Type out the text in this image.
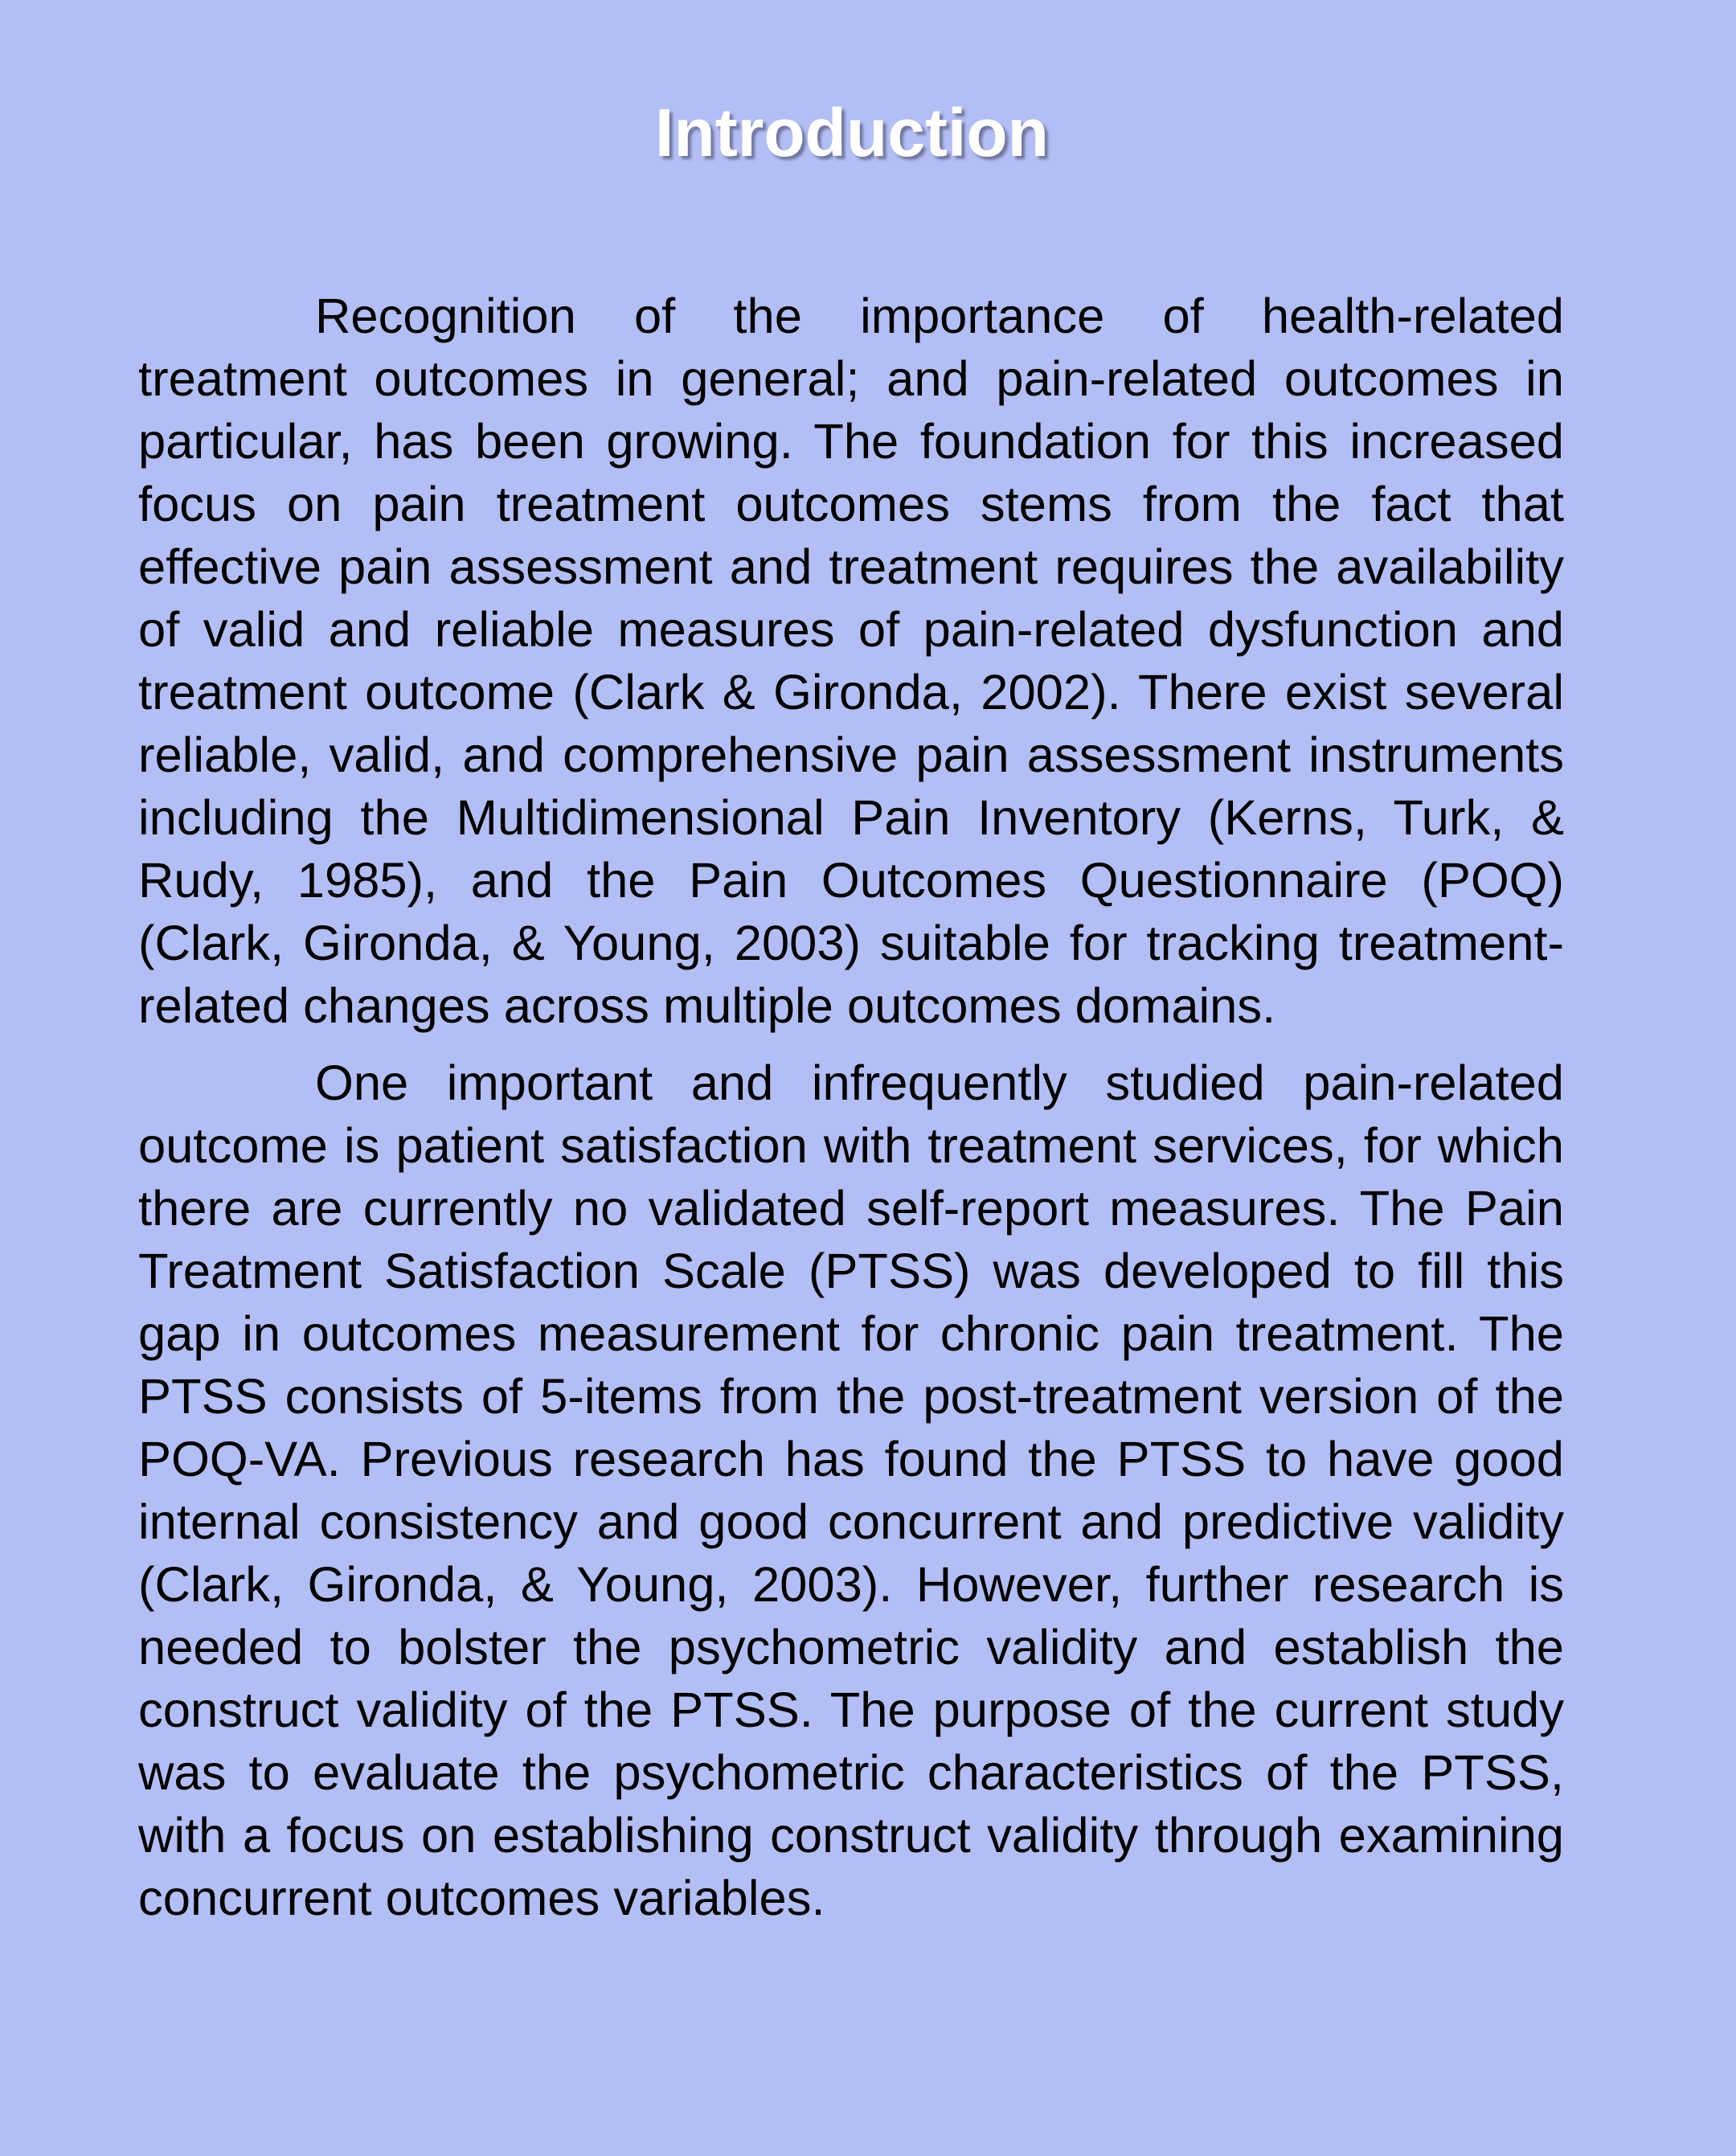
Introduction

Recognition of the importance of health-related treatment outcomes in general; and pain-related outcomes in particular, has been growing. The foundation for this increased focus on pain treatment outcomes stems from the fact that effective pain assessment and treatment requires the availability of valid and reliable measures of pain-related dysfunction and treatment outcome (Clark & Gironda, 2002). There exist several reliable, valid, and comprehensive pain assessment instruments including the Multidimensional Pain Inventory (Kerns, Turk, & Rudy, 1985), and the Pain Outcomes Questionnaire (POQ) (Clark, Gironda, & Young, 2003) suitable for tracking treatment-related changes across multiple outcomes domains.

One important and infrequently studied pain-related outcome is patient satisfaction with treatment services, for which there are currently no validated self-report measures. The Pain Treatment Satisfaction Scale (PTSS) was developed to fill this gap in outcomes measurement for chronic pain treatment. The PTSS consists of 5-items from the post-treatment version of the POQ-VA. Previous research has found the PTSS to have good internal consistency and good concurrent and predictive validity (Clark, Gironda, & Young, 2003). However, further research is needed to bolster the psychometric validity and establish the construct validity of the PTSS. The purpose of the current study was to evaluate the psychometric characteristics of the PTSS, with a focus on establishing construct validity through examining concurrent outcomes variables.
